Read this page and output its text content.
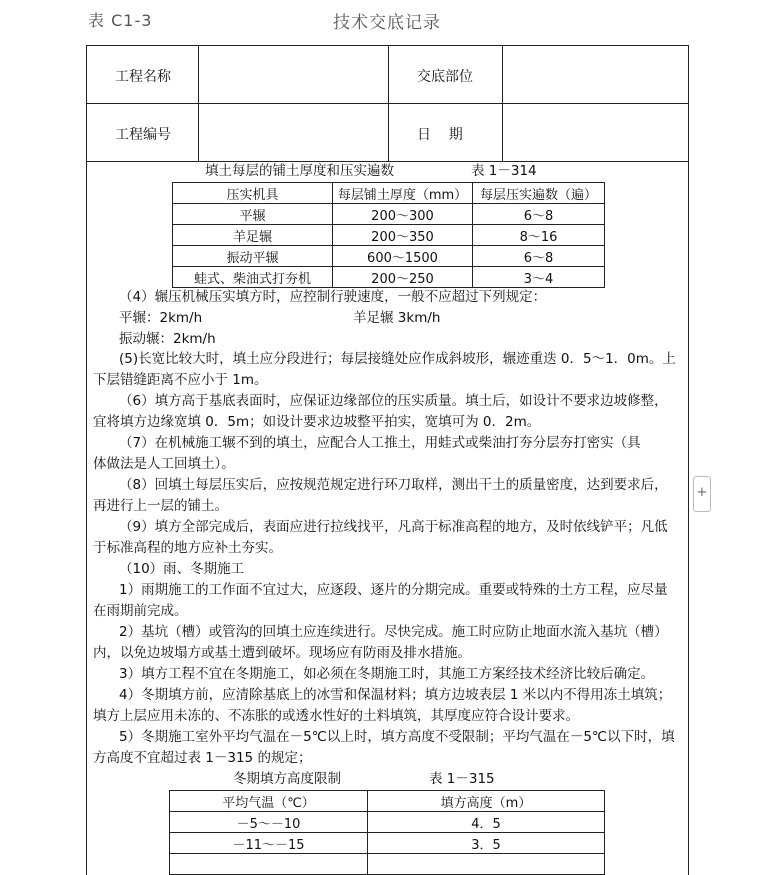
表 C1-3	技术交底记录
工程名称	交底部位
工程编号	日    期
填土每层的铺土厚度和压实遍数	表 1－314
压实机具	每层铺土厚度（mm）	每层压实遍数（遍）
平辗	200～300	6～8
羊足辗	200～350	8～16
振动平辗	600～1500	6～8
蛙式、柴油式打夯机	200～250	3～4
（4）辗压机械压实填方时，应控制行驶速度，一般不应超过下列规定：
平辗：2km/h	羊足辗 3km/h
振动辗：2km/h
(5)长宽比较大时，填土应分段进行；每层接缝处应作成斜坡形，辗迹重迭 0．5～1．0m。上
下层错缝距离不应小于 1m。
（6）填方高于基底表面时，应保证边缘部位的压实质量。填土后，如设计不要求边坡修整，
宜将填方边缘宽填 0．5m；如设计要求边坡整平拍实，宽填可为 0．2m。
（7）在机械施工辗不到的填土，应配合人工推土，用蛙式或柴油打夯分层夯打密实（具
体做法是人工回填土）。
（8）回填土每层压实后，应按规范规定进行环刀取样，测出干土的质量密度，达到要求后，
再进行上一层的铺土。
（9）填方全部完成后，表面应进行拉线找平，凡高于标准高程的地方，及时依线铲平；凡低
于标准高程的地方应补土夯实。
（10）雨、冬期施工
1）雨期施工的工作面不宜过大，应逐段、逐片的分期完成。重要或特殊的土方工程，应尽量
在雨期前完成。
2）基坑（槽）或管沟的回填土应连续进行。尽快完成。施工时应防止地面水流入基坑（槽）
内，以免边坡塌方或基土遭到破坏。现场应有防雨及排水措施。
3）填方工程不宜在冬期施工，如必须在冬期施工时，其施工方案经技术经济比较后确定。
4）冬期填方前，应清除基底上的冰雪和保温材料；填方边坡表层 1 米以内不得用冻土填筑；
填方上层应用未冻的、不冻胀的或透水性好的土料填筑，其厚度应符合设计要求。
5）冬期施工室外平均气温在－5℃以上时，填方高度不受限制；平均气温在－5℃以下时，填
方高度不宜超过表 1－315 的规定；
冬期填方高度限制	表 1－315
平均气温（℃）	填方高度（m）
－5～－10	4．5
－11～－15	3．5

+
